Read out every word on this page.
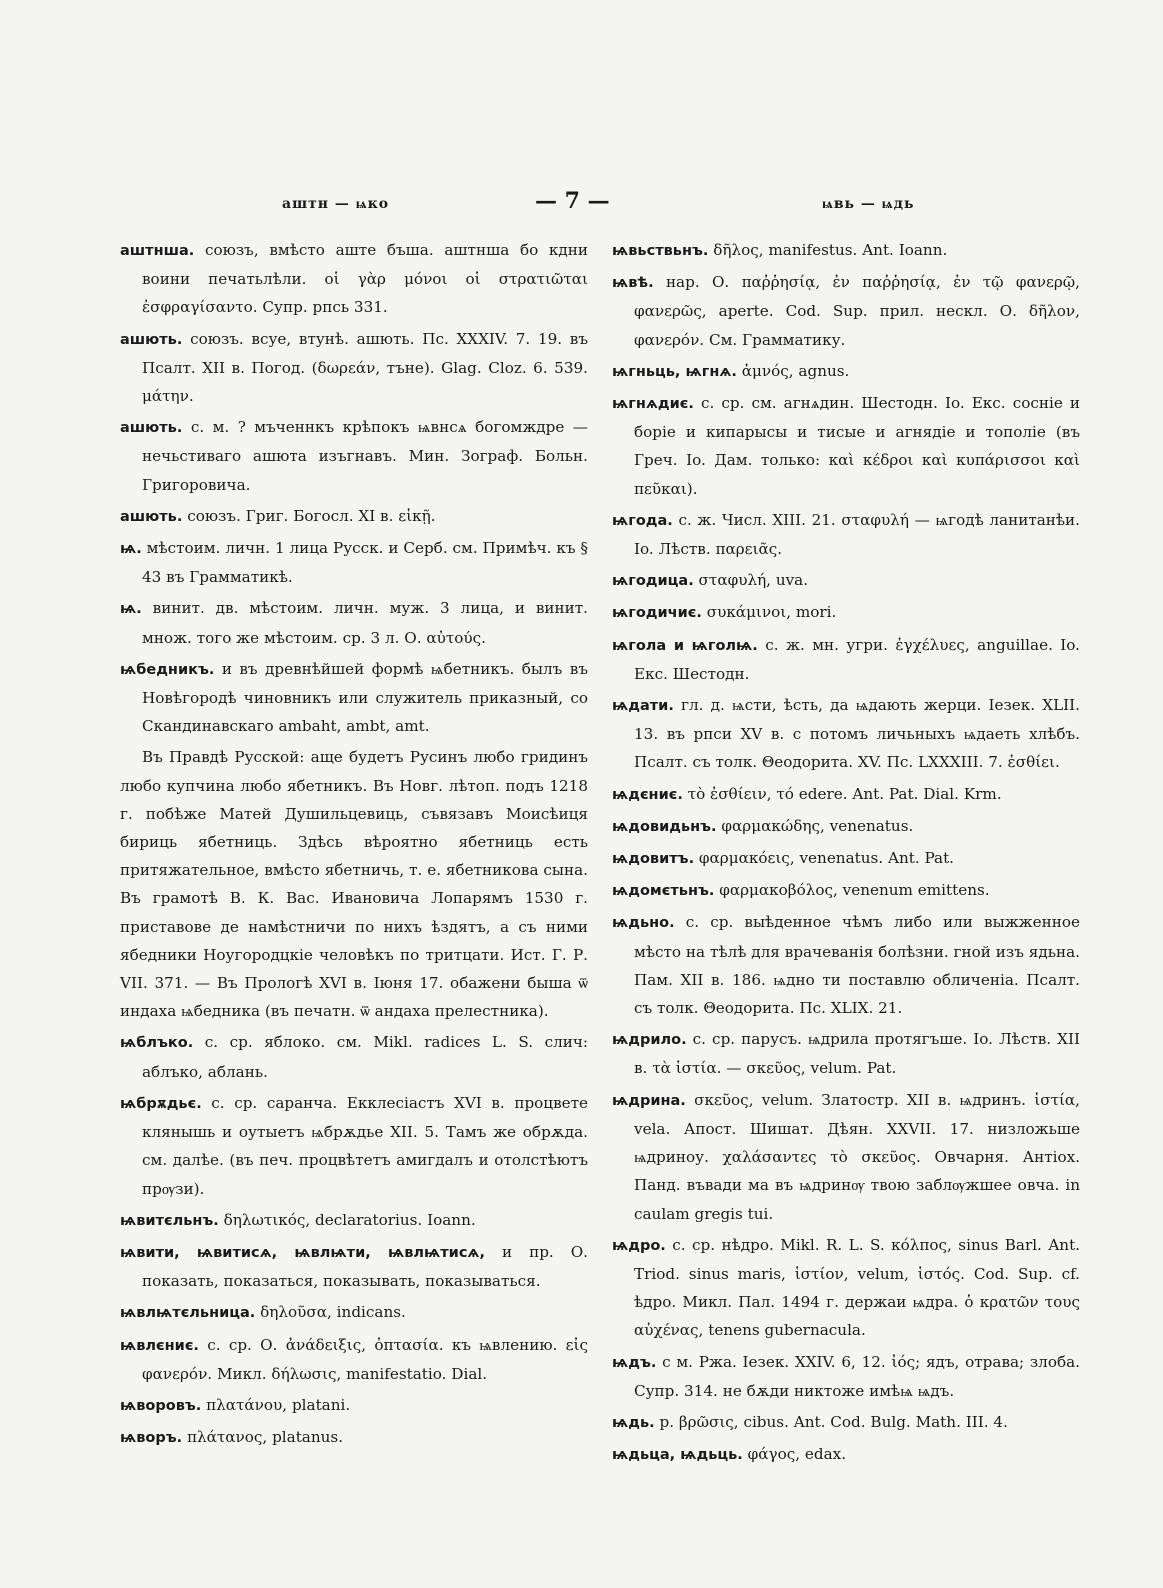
аштн — ѩко	— 7 —	ѩвь — ѩдь

аштнша. союзъ, вмѣсто аште бъша. аштнша бо кдни воини печатьлѣли. οἱ γὰρ μόνοι οἱ στρατιῶται ἐσφραγίσαντο. Супр. рпсь 331.

ашють. союзъ. всуе, втунѣ. ашють. Пс. XXXIV. 7. 19. въ Псалт. XII в. Погод. (δωρεάν, тъне). Glag. Cloz. 6. 539. μάτην.

ашють. с. м. ? мъченнкъ крѣпокъ ѩвнсѧ богомждре — нечьстиваго ашюта изъгнавъ. Мин. Зограф. Больн. Григоровича.

ашють. союзъ. Григ. Богосл. XI в. εἰκῇ.

ѩ. мѣстоим. личн. 1 лица Русск. и Серб. см. Примѣч. къ § 43 въ Грамматикѣ.

ѩ. винит. дв. мѣстоим. личн. муж. 3 лица, и винит. множ. того же мѣстоим. ср. 3 л. О. αὐτούς.

ѩбедникъ. и въ древнѣйшей формѣ ѩбетникъ. былъ въ Новѣгородѣ чиновникъ или служитель приказный, со Скандинавскаго ambaht, ambt, amt.

Въ Правдѣ Русской: аще будетъ Русинъ любо гридинъ любо купчина любо ябетникъ. Въ Новг. лѣтоп. подъ 1218 г. побѣже Матей Душильцевиць, съвязавъ Моисѣиця бириць ябетниць. Здѣсь вѣроятно ябетниць есть притяжательное, вмѣсто ябетничь, т. е. ябетникова сына. Въ грамотѣ В. К. Вас. Ивановича Лопарямъ 1530 г. приставове де намѣстничи по нихъ ѣздятъ, а съ ними ябедники Ноугородцкiе человѣкъ по тритцати. Ист. Г. Р. VII. 371. — Въ Прологѣ XVI в. Iюня 17. обажени быша ѿ индаха ѩбедника (въ печатн. ѿ андаха прелестника).

ѩблъко. с. ср. яблоко. см. Mikl. radices L. S. слич: аблъко, аблань.

ѩбрѫдьє. с. ср. саранча. Екклесiастъ XVI в. процвете клянышь и оутыетъ ѩбрѫдье XII. 5. Тамъ же обрѫда. см. далѣе. (въ печ. процвѣтетъ амигдалъ и отолстѣютъ прѹзи).

ѩвитєльнъ. δηλωτικός, declaratorius. Ioann.

ѩвити, ѩвитисѧ, ѩвлѩти, ѩвлѩтисѧ, и пр. О. показать, показаться, показывать, показываться.

ѩвлѩтєльница. δηλοῦσα, indicans.

ѩвлєниє. с. ср. О. ἀνάδειξις, ὀπτασία. къ ѩвлению. εἰς φανερόν. Микл. δήλωσις, manifestatio. Dial.

ѩворовъ. πλατάνου, platani.

ѩворъ. πλάτανος, platanus.

ѩвьствьнъ. δῆλος, manifestus. Ant. Ioann.

ѩвѣ. нар. О. παῤῥησίᾳ, ἐν παῤῥησίᾳ, ἐν τῷ φανερῷ, φανερῶς, aperte. Cod. Sup. прил. нескл. О. δῆλον, φανερόν. См. Грамматику.

ѩгньць, ѩгнѧ. ἀμνός, agnus.

ѩгнѧдиє. с. ср. см. агнѧдин. Шестодн. Io. Екс. соснiе и борiе и кипарысы и тисые и агнядiе и тополiе (въ Греч. Io. Дам. только: καὶ κέδροι καὶ κυπάρισσοι καὶ πεῦκαι).

ѩгода. с. ж. Числ. XIII. 21. σταφυλή — ѩгодѣ ланитанѣи. Io. Лѣств. παρειᾶς.

ѩгодица. σταφυλή, uva.

ѩгодичиє. συκάμινοι, mori.

ѩгола и ѩголѩ. с. ж. мн. угри. ἐγχέλυες, anguillae. Io. Екс. Шестодн.

ѩдати. гл. д. ѩсти, ѣсть, да ѩдають жерци. Iезек. XLII. 13. въ рпси XV в. с потомъ личьныхъ ѩдаеть хлѣбъ. Псалт. съ толк. Θеодорита. XV. Пс. LXXXIII. 7. ἐσθίει.

ѩдєниє. τὸ ἐσθίειν, τό edere. Ant. Pat. Dial. Krm.

ѩдовидьнъ. φαρμακώδης, venenatus.

ѩдовитъ. φαρμακόεις, venenatus. Ant. Pat.

ѩдомєтьнъ. φαρμακοβόλος, venenum emittens.

ѩдьно. с. ср. выѣденное чѣмъ либо или выжженное мѣсто на тѣлѣ для врачеванiя болѣзни. гной изъ ядьна. Пам. XII в. 186. ѩдно ти поставлю обличенiа. Псалт. съ толк. Θеодорита. Пс. XLIX. 21.

ѩдрило. с. ср. парусъ. ѩдрила протягъше. Io. Лѣств. XII в. τὰ ἱστία. — σκεῦος, velum. Pat.

ѩдрина. σκεῦος, velum. Златостр. XII в. ѩдринъ. ἱστία, vela. Апост. Шишат. Дѣян. XXVII. 17. низложьше ѩдриноу. χαλάσαντες τὸ σκεῦος. Овчарня. Антiох. Панд. въвади ма въ ѩдринѹ твою заблѹжшее овча. in caulam gregis tui.

ѩдро. с. ср. нѣдро. Mikl. R. L. S. κόλπος, sinus Barl. Ant. Triod. sinus maris, ἱστίον, velum, ἱστός. Cod. Sup. cf. ѣдро. Микл. Пал. 1494 г. держаи ѩдра. ὁ κρατῶν τους αὐχένας, tenens gubernacula.

ѩдъ. с м. Ржа. Iезек. XXIV. 6, 12. ἰός; ядъ, отрава; злоба. Супр. 314. не бѫди никтоже имѣѩ ѩдъ.

ѩдь. р. βρῶσις, cibus. Ant. Cod. Bulg. Math. III. 4.

ѩдьца, ѩдьць. φάγος, edax.
